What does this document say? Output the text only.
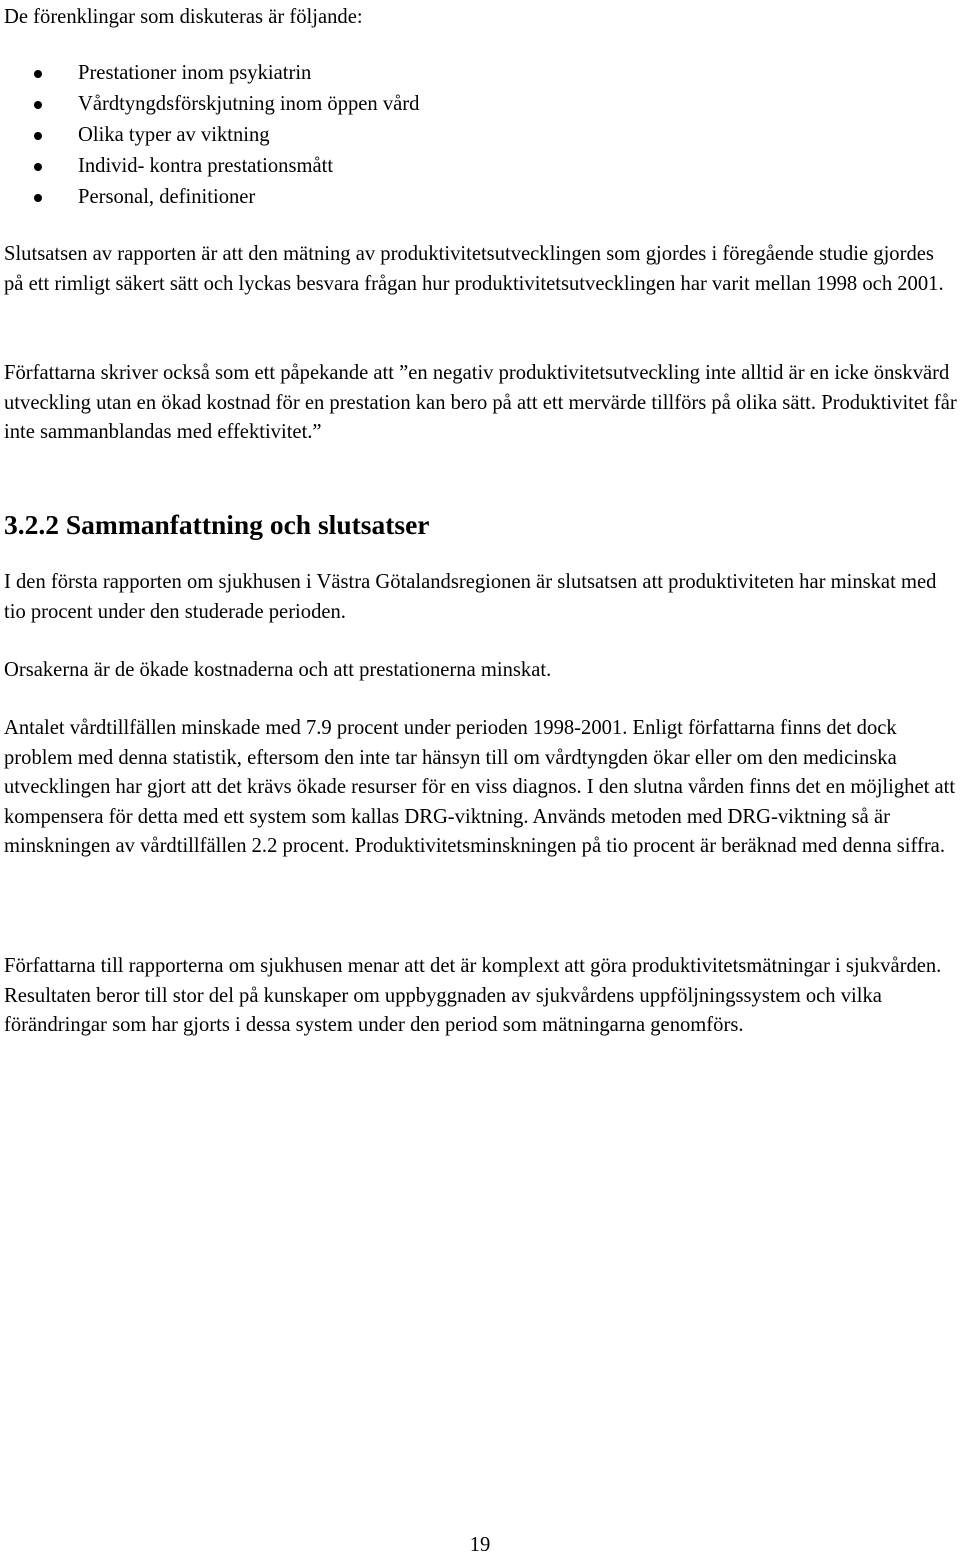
De förenklingar som diskuteras är följande:

Prestationer inom psykiatrin
Vårdtyngdsförskjutning inom öppen vård
Olika typer av viktning
Individ- kontra prestationsmått
Personal, definitioner

Slutsatsen av rapporten är att den mätning av produktivitetsutvecklingen som gjordes i föregående studie gjordes på ett rimligt säkert sätt och lyckas besvara frågan hur produktivitetsutvecklingen har varit mellan 1998 och 2001.

Författarna skriver också som ett påpekande att ”en negativ produktivitetsutveckling inte alltid är en icke önskvärd utveckling utan en ökad kostnad för en prestation kan bero på att ett mervärde tillförs på olika sätt. Produktivitet får inte sammanblandas med effektivitet.”

3.2.2 Sammanfattning och slutsatser

I den första rapporten om sjukhusen i Västra Götalandsregionen är slutsatsen att produktiviteten har minskat med tio procent under den studerade perioden.

Orsakerna är de ökade kostnaderna och att prestationerna minskat.

Antalet vårdtillfällen minskade med 7.9 procent under perioden 1998-2001. Enligt författarna finns det dock problem med denna statistik, eftersom den inte tar hänsyn till om vårdtyngden ökar eller om den medicinska utvecklingen har gjort att det krävs ökade resurser för en viss diagnos. I den slutna vården finns det en möjlighet att kompensera för detta med ett system som kallas DRG-viktning. Används metoden med DRG-viktning så är minskningen av vårdtillfällen 2.2 procent. Produktivitetsminskningen på tio procent är beräknad med denna siffra.

Författarna till rapporterna om sjukhusen menar att det är komplext att göra produktivitetsmätningar i sjukvården. Resultaten beror till stor del på kunskaper om uppbyggnaden av sjukvårdens uppföljningssystem och vilka förändringar som har gjorts i dessa system under den period som mätningarna genomförs.

19
